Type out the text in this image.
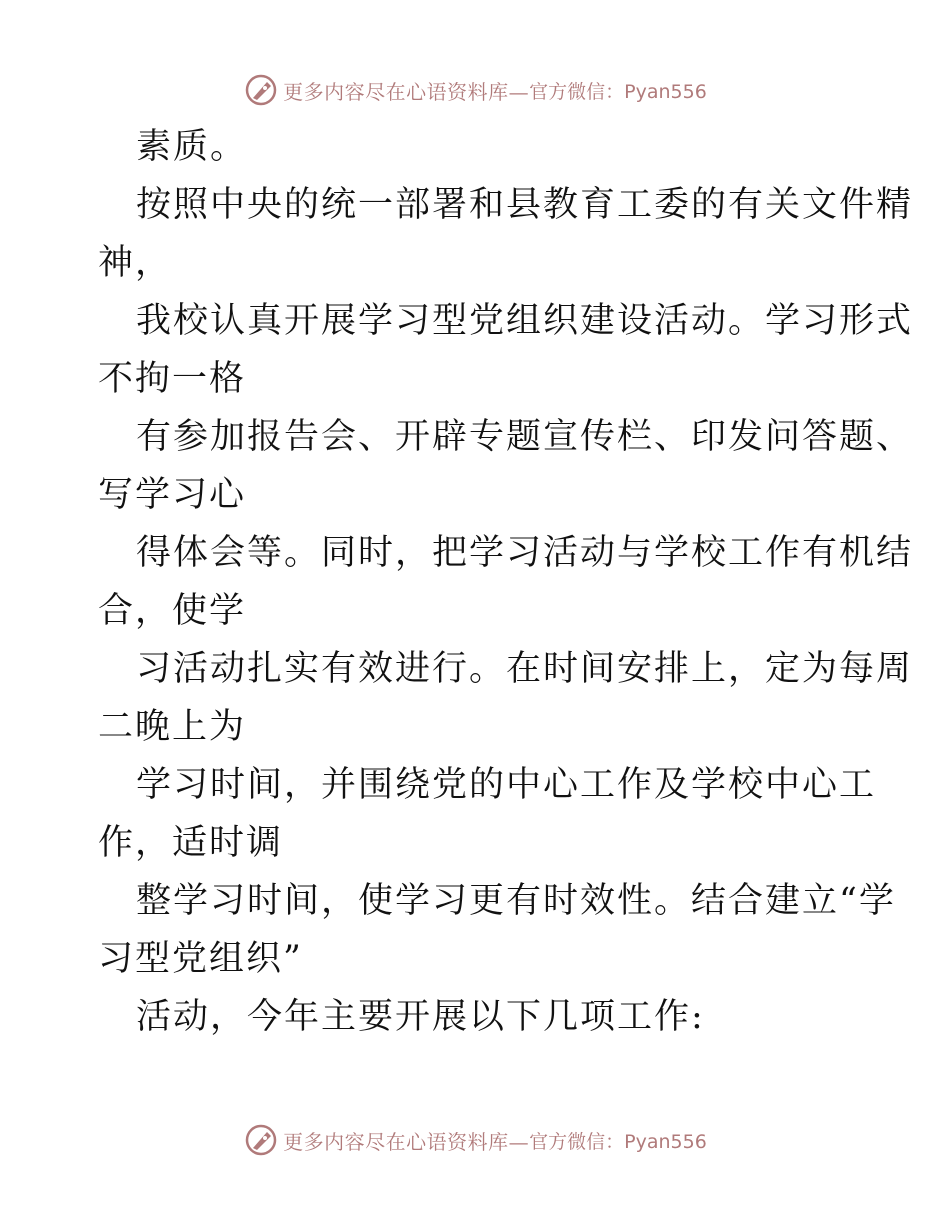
更多内容尽在心语资料库— 官方微信：Pyan556
素质。
按照中央的统一部署和县教育工委的有关文件精
神，
我校认真开展学习型党组织建设活动。学习形式
不拘一格
有参加报告会、开辟专题宣传栏、印发问答题、
写学习心
得体会等。同时，把学习活动与学校工作有机结
合，使学
习活动扎实有效进行。在时间安排上，定为每周
二晚上为
学习时间，并围绕党的中心工作及学校中心工
作，适时调
整学习时间，使学习更有时效性。结合建立“学
习型党组织”
活动，今年主要开展以下几项工作:
更多内容尽在心语资料库— 官方微信：Pyan556
